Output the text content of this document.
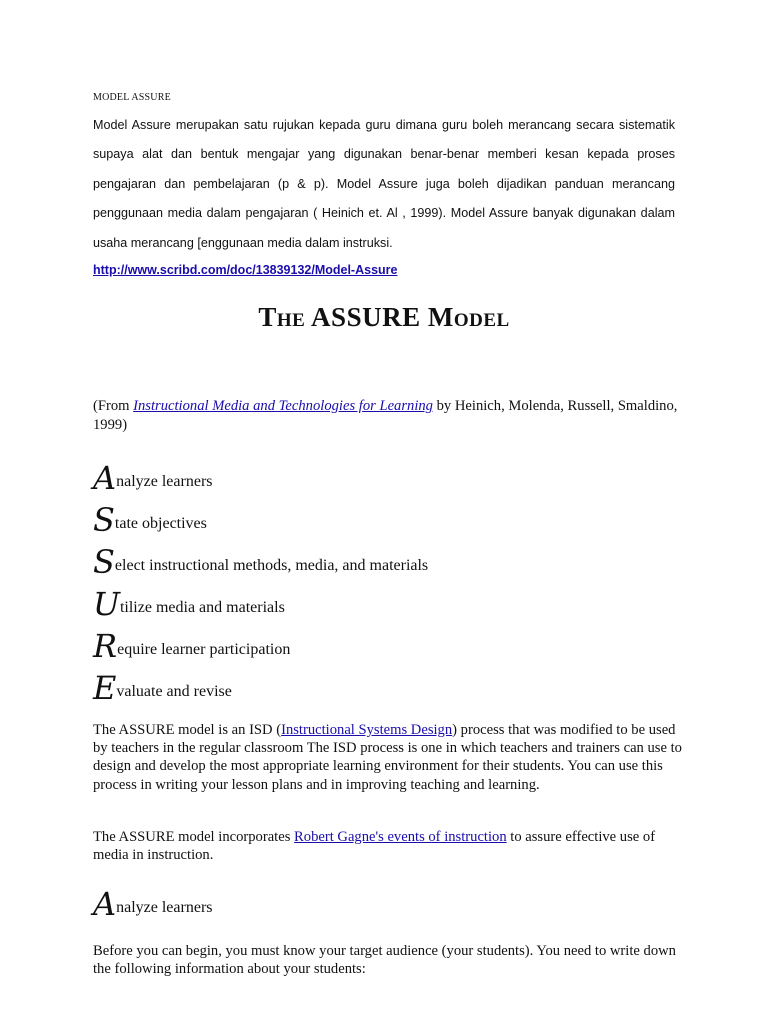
MODEL ASSURE
Model Assure merupakan satu rujukan kepada guru dimana guru boleh merancang secara sistematik
supaya alat dan bentuk mengajar yang digunakan benar-benar memberi kesan kepada proses
pengajaran dan pembelajaran (p & p). Model Assure juga boleh dijadikan panduan merancang
penggunaan media dalam pengajaran ( Heinich et. Al , 1999). Model Assure banyak digunakan dalam
usaha merancang [enggunaan media dalam instruksi.
http://www.scribd.com/doc/13839132/Model-Assure
The ASSURE Model
(From Instructional Media and Technologies for Learning by Heinich, Molenda, Russell, Smaldino, 1999)
Analyze learners
State objectives
Select instructional methods, media, and materials
Utilize media and materials
Require learner participation
Evaluate and revise
The ASSURE model is an ISD (Instructional Systems Design) process that was modified to be used by teachers in the regular classroom The ISD process is one in which teachers and trainers can use to design and develop the most appropriate learning environment for their students. You can use this process in writing your lesson plans and in improving teaching and learning.
The ASSURE model incorporates Robert Gagne's events of instruction to assure effective use of media in instruction.
Analyze learners
Before you can begin, you must know your target audience (your students). You need to write down the following information about your students:
